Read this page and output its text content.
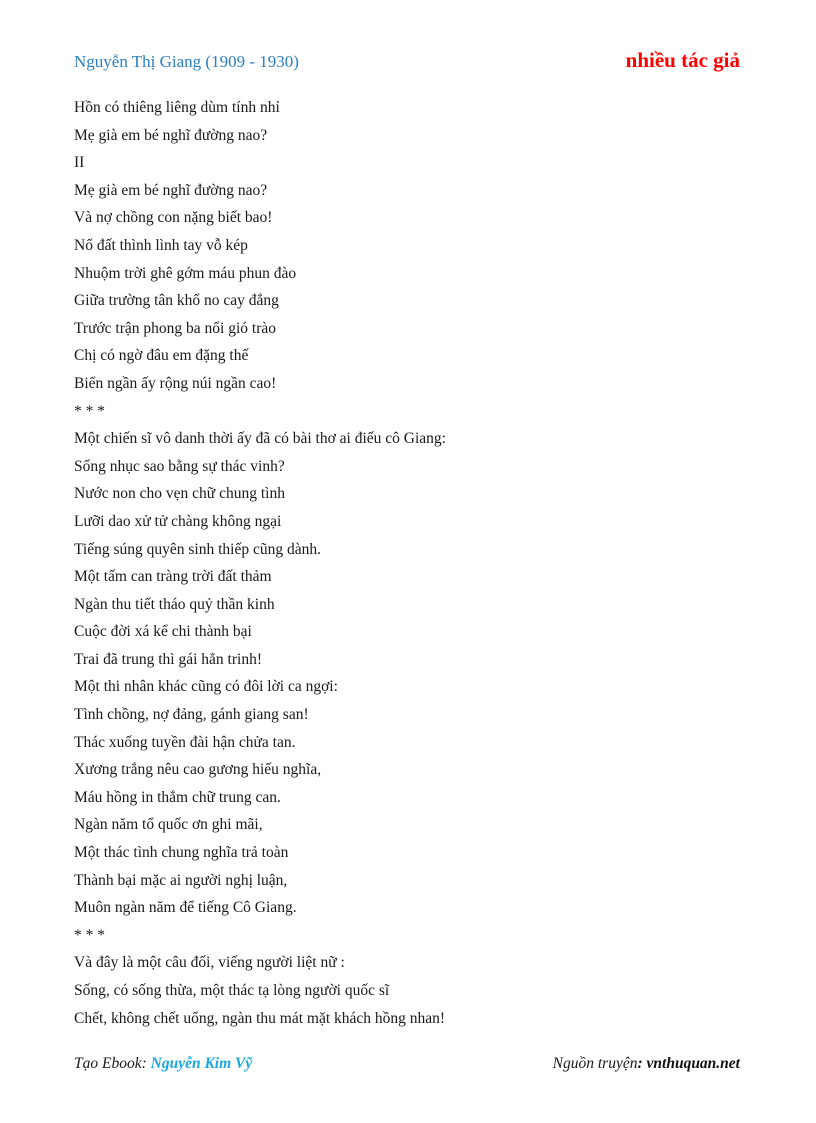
Nguyễn Thị Giang (1909 - 1930)	nhiều tác giả
Hồn có thiêng liêng dùm tính nhỉ
Mẹ già em bé nghĩ đường nao?
II
Mẹ già em bé nghĩ đường nao?
Và nợ chồng con nặng biết bao!
Nổ đất thình lình tay vỗ kép
Nhuộm trời ghê gớm máu phun đào
Giữa trường tân khổ no cay đắng
Trước trận phong ba nổi gió trào
Chị có ngờ đâu em đặng thế
Biển ngần ấy rộng núi ngần cao!
* * *
Một chiến sĩ vô danh thời ấy đã có bài thơ ai điếu cô Giang:
Sống nhục sao bằng sự thác vinh?
Nước non cho vẹn chữ chung tình
Lưỡi dao xử tử chàng không ngại
Tiếng súng quyên sinh thiếp cũng dành.
Một tấm can tràng trời đất thảm
Ngàn thu tiết tháo quỷ thần kinh
Cuộc đời xá kể chi thành bại
Trai đã trung thì gái hẳn trinh!
Một thi nhân khác cũng có đôi lời ca ngợi:
Tình chồng, nợ đảng, gánh giang san!
Thác xuống tuyền đài hận chửa tan.
Xương trắng nêu cao gương hiếu nghĩa,
Máu hồng in thắm chữ trung can.
Ngàn năm tổ quốc ơn ghi mãi,
Một thác tình chung nghĩa trả toàn
Thành bại mặc ai người nghị luận,
Muôn ngàn năm để tiếng Cô Giang.
* * *
Và đây là một câu đối, viếng người liệt nữ :
Sống, có sống thừa, một thác tạ lòng người quốc sĩ
Chết, không chết uổng, ngàn thu mát mặt khách hồng nhan!
Tạo Ebook: Nguyễn Kim Vỹ	Nguồn truyện: vnthuquan.net
